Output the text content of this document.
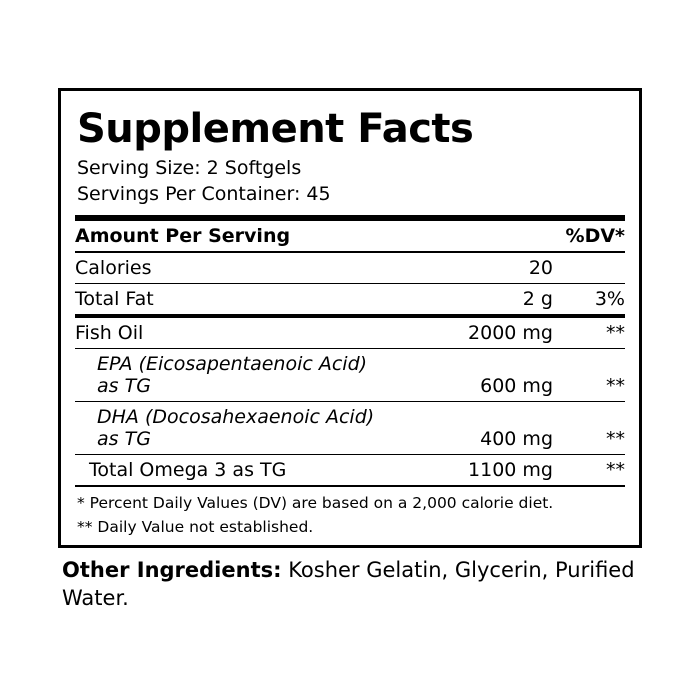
Supplement Facts
Serving Size: 2 Softgels
Servings Per Container: 45
Amount Per Serving		%DV*
Calories	20	
Total Fat	2 g	3%
Fish Oil	2000 mg	**
EPA (Eicosapentaenoic Acid) as TG	600 mg	**
DHA (Docosahexaenoic Acid) as TG	400 mg	**
Total Omega 3 as TG	1100 mg	**
* Percent Daily Values (DV) are based on a 2,000 calorie diet.
** Daily Value not established.
Other Ingredients: Kosher Gelatin, Glycerin, Purified Water.
